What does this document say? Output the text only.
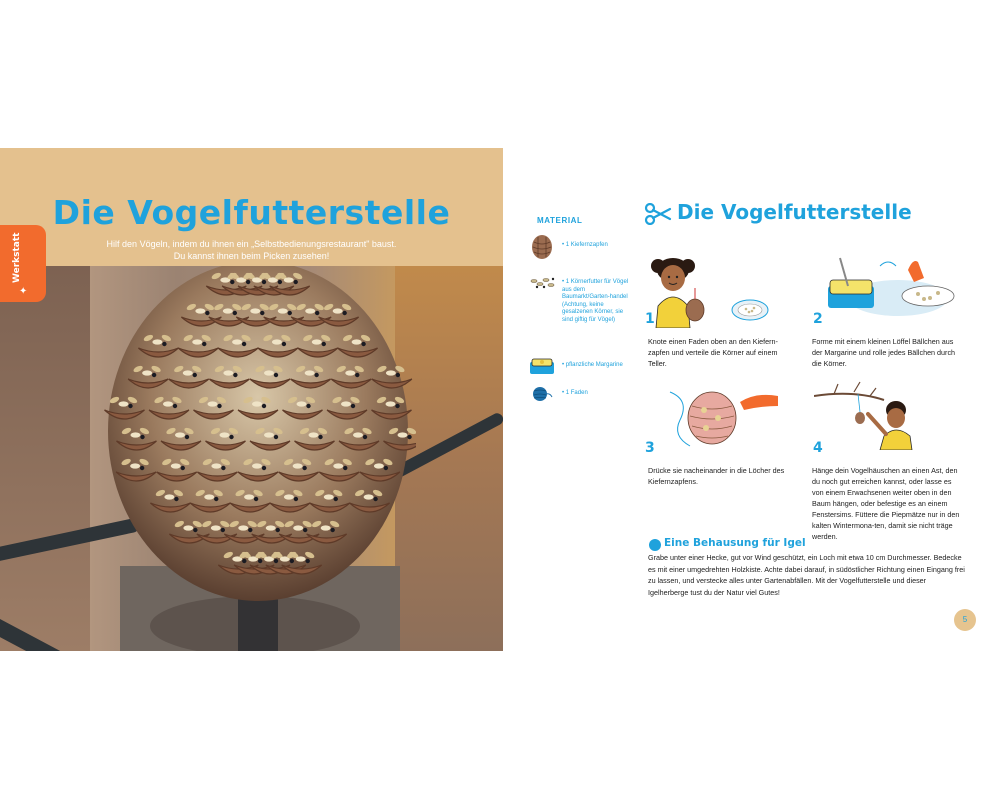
Die Vogelfutterstelle
Hilf den Vögeln, indem du ihnen ein „Selbstbedienungsrestaurant" baust.
Du kannst ihnen beim Picken zusehen!
Werkstatt
✦
MATERIAL
• 1 Kiefernzapfen
• 1 Körnerfutter für Vögel aus dem Baumarkt/Garten-handel (Achtung, keine gesalzenen Körner, sie sind giftig für Vögel)
• pflanzliche Margarine
• 1 Faden
Die Vogelfutterstelle
1
Knote einen Faden oben an den Kiefern-zapfen und verteile die Körner auf einem Teller.
2
Forme mit einem kleinen Löffel Bällchen aus der Margarine und rolle jedes Bällchen durch die Körner.
3
Drücke sie nacheinander in die Löcher des Kiefernzapfens.
4
Hänge dein Vogelhäuschen an einen Ast, den du noch gut erreichen kannst, oder lasse es von einem Erwachsenen weiter oben in den Baum hängen, oder befestige es an einem Fenstersims. Füttere die Piepmätze nur in den kalten Wintermona-ten, damit sie nicht träge werden.
Eine Behausung für Igel
Grabe unter einer Hecke, gut vor Wind geschützt, ein Loch mit etwa 10 cm Durchmesser. Bedecke es mit einer umgedrehten Holzkiste. Achte dabei darauf, in südöstlicher Richtung einen Eingang frei zu lassen, und verstecke alles unter Gartenabfällen. Mit der Vogelfutterstelle und dieser Igelherberge tust du der Natur viel Gutes!
5
